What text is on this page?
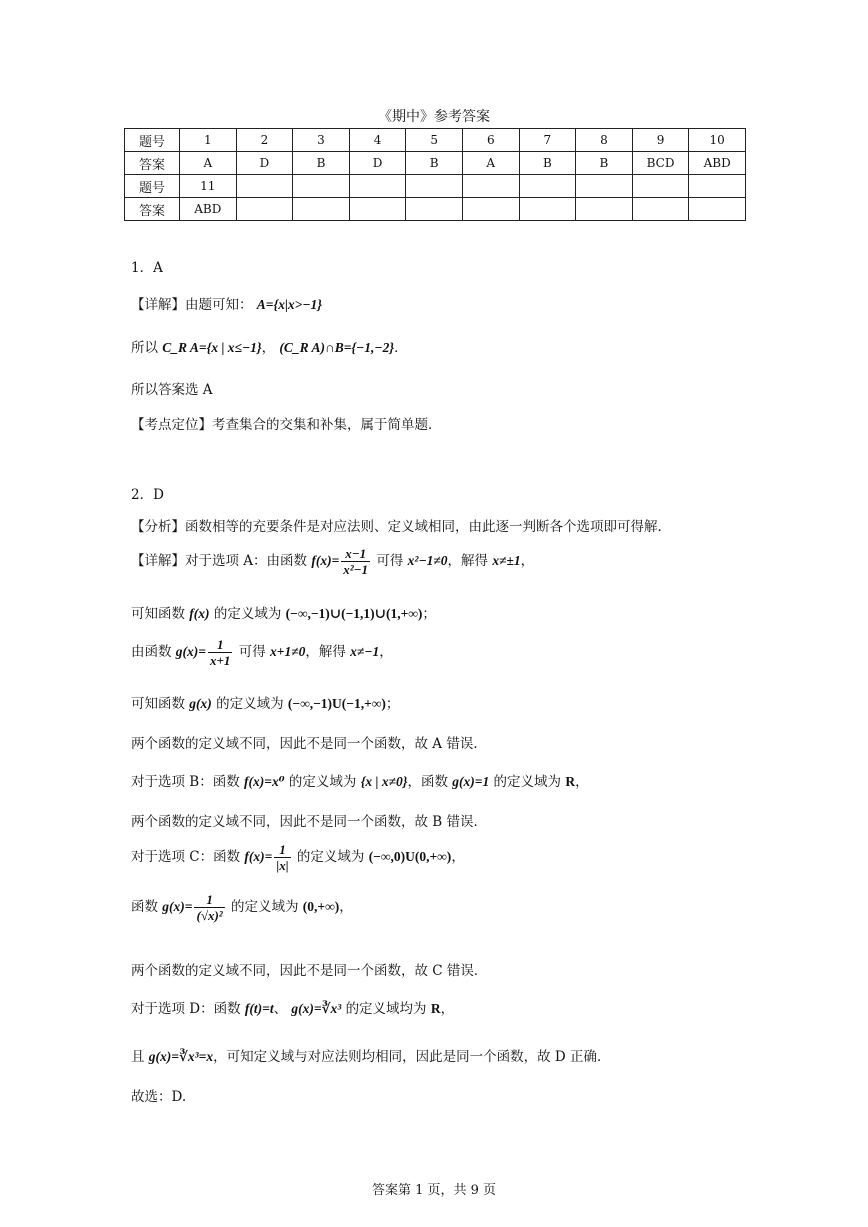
《期中》参考答案
题号	1	2	3	4	5	6	7	8	9	10
答案	A	D	B	D	B	A	B	B	BCD	ABD
题号	11									
答案	ABD									
1．A
【详解】由题可知： A={x|x>−1}
所以 C_R A={x | x≤−1}， (C_R A)∩B={−1,−2}．
所以答案选 A
【考点定位】考查集合的交集和补集，属于简单题．
2．D
【分析】函数相等的充要条件是对应法则、定义域相同，由此逐一判断各个选项即可得解．
【详解】对于选项 A：由函数 $f(x)= \frac{x-1}{\text{x²−1}}$ 可得 x²−1≠0，解得 x≠±1，
可知函数 f(x) 的定义域为 (−∞,−1)∪(−1,1)∪(1,+∞)；
由函数 $g(x)= \frac{1}{x+1}$ 可得 x+1≠0，解得 x≠−1，
可知函数 g(x) 的定义域为 (−∞,−1)U(−1,+∞)；
两个函数的定义域不同，因此不是同一个函数，故 A 错误．
对于选项 B：函数 f(x)=x⁰ 的定义域为 {x | x≠0}，函数 g(x)=1 的定义域为 R，
两个函数的定义域不同，因此不是同一个函数，故 B 错误．
对于选项 C：函数 $f(x)= \frac{1}{|x|}$ 的定义域为 (−∞,0)U(0,+∞)，
函数 $g(x)= \frac{1}{\text{(√x)²}}$ 的定义域为 (0,+∞)，
两个函数的定义域不同，因此不是同一个函数，故 C 错误．
对于选项 D：函数 f(t)=t、 g(x)=∛x³ 的定义域均为 R，
且 g(x)=∛x³=x，可知定义域与对应法则均相同，因此是同一个函数，故 D 正确．
故选：D.
答案第 1 页，共 9 页
